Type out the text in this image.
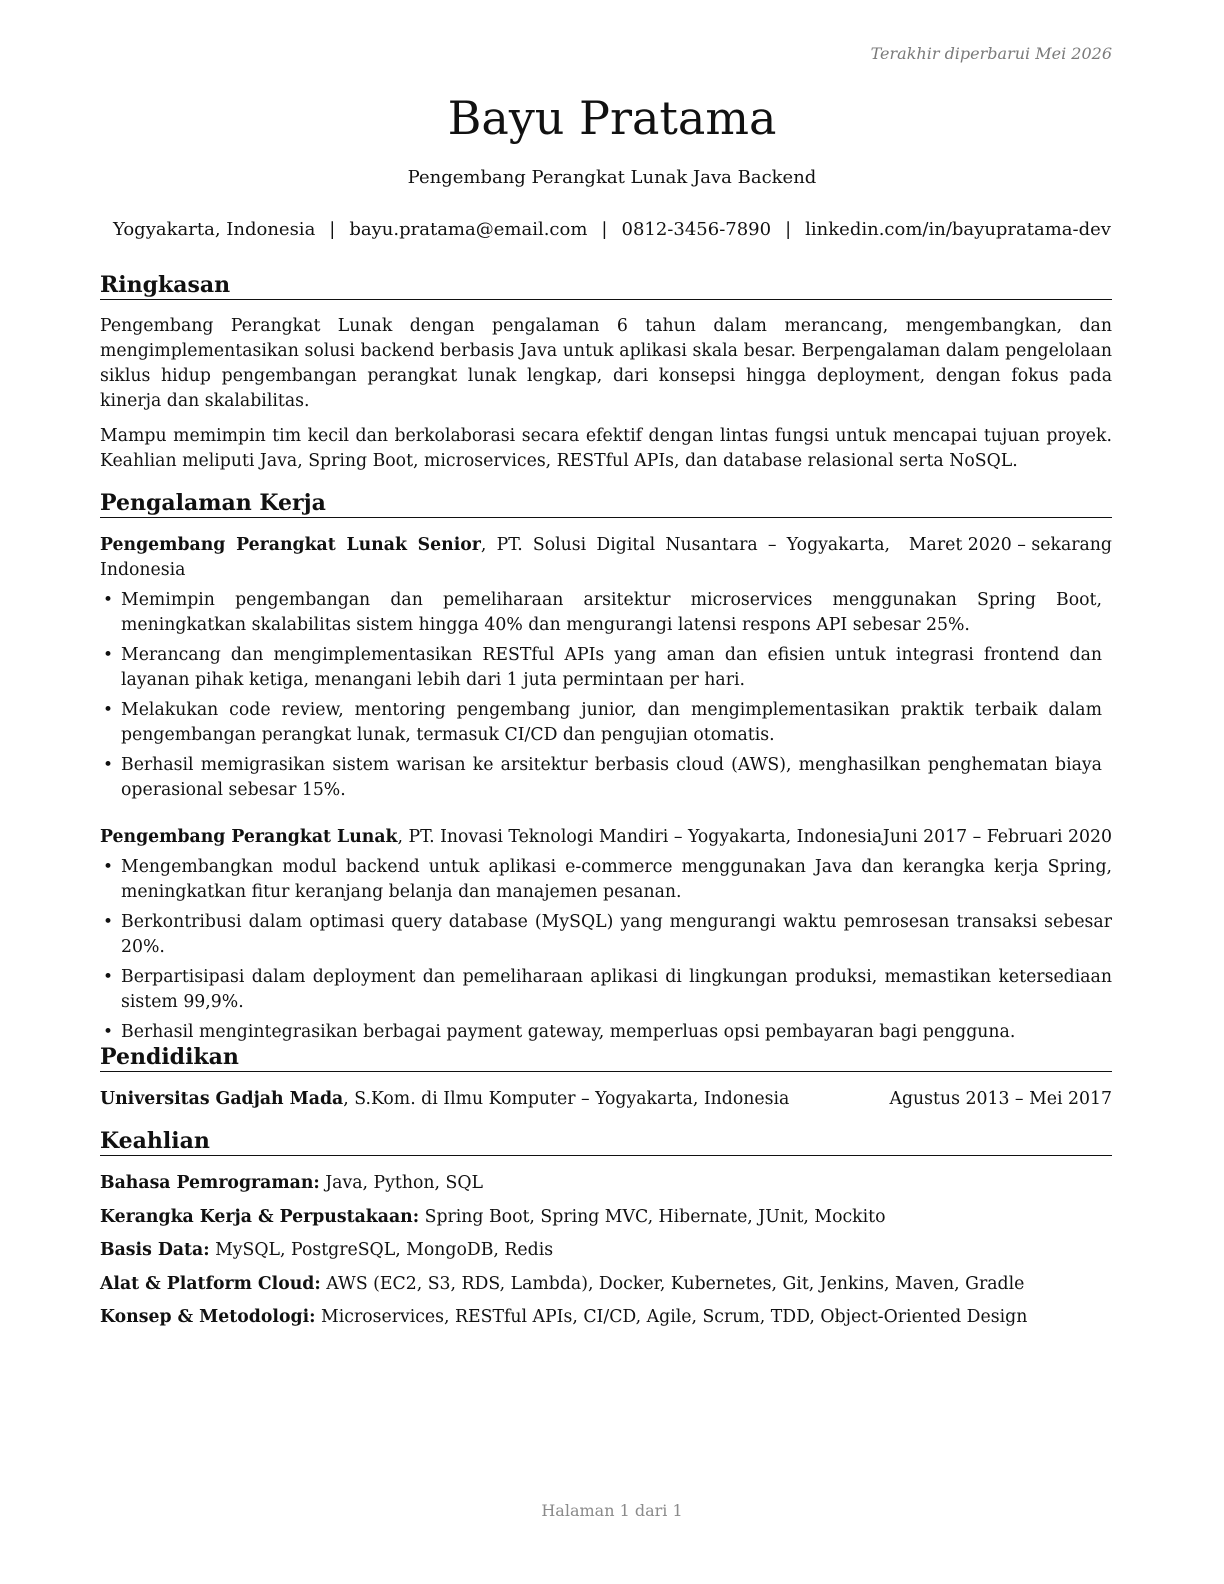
Terakhir diperbarui Mei 2026
Bayu Pratama
Pengembang Perangkat Lunak Java Backend
Yogyakarta, Indonesia | bayu.pratama@email.com | 0812-3456-7890 | linkedin.com/in/bayupratama-dev
Ringkasan
Pengembang Perangkat Lunak dengan pengalaman 6 tahun dalam merancang, mengembangkan, dan mengimplementasikan solusi backend berbasis Java untuk aplikasi skala besar. Berpengalaman dalam pengelolaan siklus hidup pengembangan perangkat lunak lengkap, dari konsepsi hingga deployment, dengan fokus pada kinerja dan skalabilitas.
Mampu memimpin tim kecil dan berkolaborasi secara efektif dengan lintas fungsi untuk mencapai tujuan proyek. Keahlian meliputi Java, Spring Boot, microservices, RESTful APIs, dan database relasional serta NoSQL.
Pengalaman Kerja
Pengembang Perangkat Lunak Senior, PT. Solusi Digital Nusantara – Yogyakarta, Indonesia
Maret 2020 – sekarang
• Memimpin pengembangan dan pemeliharaan arsitektur microservices menggunakan Spring Boot, meningkatkan skalabilitas sistem hingga 40% dan mengurangi latensi respons API sebesar 25%.
• Merancang dan mengimplementasikan RESTful APIs yang aman dan efisien untuk integrasi frontend dan layanan pihak ketiga, menangani lebih dari 1 juta permintaan per hari.
• Melakukan code review, mentoring pengembang junior, dan mengimplementasikan praktik terbaik dalam pengembangan perangkat lunak, termasuk CI/CD dan pengujian otomatis.
• Berhasil memigrasikan sistem warisan ke arsitektur berbasis cloud (AWS), menghasilkan penghematan biaya operasional sebesar 15%.
Pengembang Perangkat Lunak, PT. Inovasi Teknologi Mandiri – Yogyakarta, Indonesia Juni 2017 – Februari 2020
• Mengembangkan modul backend untuk aplikasi e-commerce menggunakan Java dan kerangka kerja Spring, meningkatkan fitur keranjang belanja dan manajemen pesanan.
• Berkontribusi dalam optimasi query database (MySQL) yang mengurangi waktu pemrosesan transaksi sebesar 20%.
• Berpartisipasi dalam deployment dan pemeliharaan aplikasi di lingkungan produksi, memastikan ketersediaan sistem 99,9%.
• Berhasil mengintegrasikan berbagai payment gateway, memperluas opsi pembayaran bagi pengguna.
Pendidikan
Universitas Gadjah Mada, S.Kom. di Ilmu Komputer – Yogyakarta, Indonesia	Agustus 2013 – Mei 2017
Keahlian
Bahasa Pemrograman: Java, Python, SQL
Kerangka Kerja & Perpustakaan: Spring Boot, Spring MVC, Hibernate, JUnit, Mockito
Basis Data: MySQL, PostgreSQL, MongoDB, Redis
Alat & Platform Cloud: AWS (EC2, S3, RDS, Lambda), Docker, Kubernetes, Git, Jenkins, Maven, Gradle
Konsep & Metodologi: Microservices, RESTful APIs, CI/CD, Agile, Scrum, TDD, Object-Oriented Design
Halaman 1 dari 1
